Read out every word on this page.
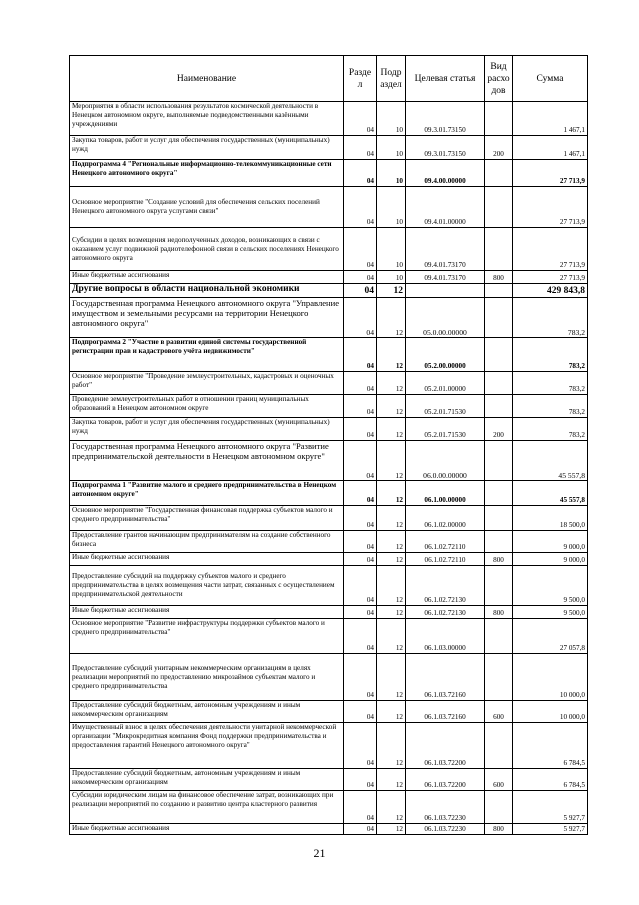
Наименование	Разде л	Подр аздел	Целевая статья	Вид расхо дов	Сумма
Мероприятия в области использования результатов космической деятельности в Ненецком автономном округе, выполняемые подведомственными казёнными учреждениями	04	10	09.3.01.73150		1 467,1
Закупка товаров, работ и услуг для обеспечения государственных (муниципальных) нужд	04	10	09.3.01.73150	200	1 467,1
Подпрограмма 4 "Региональные информационно-телекоммуникационные сети Ненецкого автономного округа"	04	10	09.4.00.00000		27 713,9
Основное мероприятие "Создание условий для обеспечения сельских поселений Ненецкого автономного округа услугами связи"	04	10	09.4.01.00000		27 713,9
Субсидии в целях возмещения недополученных доходов, возникающих в связи с оказанием услуг подвижной радиотелефонной связи в сельских поселениях Ненецкого автономного округа	04	10	09.4.01.73170		27 713,9
Иные бюджетные ассигнования	04	10	09.4.01.73170	800	27 713,9
Другие вопросы в области национальной экономики	04	12			429 843,8
Государственная программа Ненецкого автономного округа "Управление имуществом и земельными ресурсами на территории Ненецкого автономного округа"	04	12	05.0.00.00000		783,2
Подпрограмма 2 "Участие в развитии единой системы государственной регистрации прав и кадастрового учёта недвижимости"	04	12	05.2.00.00000		783,2
Основное мероприятие "Проведение землеустроительных, кадастровых и оценочных работ"	04	12	05.2.01.00000		783,2
Проведение землеустроительных работ в отношении границ муниципальных образований в Ненецком автономном округе	04	12	05.2.01.71530		783,2
Закупка товаров, работ и услуг для обеспечения государственных (муниципальных) нужд	04	12	05.2.01.71530	200	783,2
Государственная программа Ненецкого автономного округа "Развитие предпринимательской деятельности в Ненецком автономном округе"	04	12	06.0.00.00000		45 557,8
Подпрограмма 1 "Развитие малого и среднего предпринимательства в Ненецком автономном округе"	04	12	06.1.00.00000		45 557,8
Основное мероприятие "Государственная финансовая поддержка субъектов малого и среднего предпринимательства"	04	12	06.1.02.00000		18 500,0
Предоставление грантов начинающим предпринимателям на создание собственного бизнеса	04	12	06.1.02.72110		9 000,0
Иные бюджетные ассигнования	04	12	06.1.02.72110	800	9 000,0
Предоставление субсидий на поддержку субъектов малого и среднего предпринимательства в целях возмещения части затрат, связанных с осуществлением предпринимательской деятельности	04	12	06.1.02.72130		9 500,0
Иные бюджетные ассигнования	04	12	06.1.02.72130	800	9 500,0
Основное мероприятие "Развитие инфраструктуры поддержки субъектов малого и среднего предпринимательства"	04	12	06.1.03.00000		27 057,8
Предоставление субсидий унитарным некоммерческим организациям в целях реализации мероприятий по предоставлению микрозаймов субъектам малого и среднего предпринимательства	04	12	06.1.03.72160		10 000,0
Предоставление субсидий бюджетным, автономным учреждениям и иным некоммерческим организациям	04	12	06.1.03.72160	600	10 000,0
Имущественный взнос в целях обеспечения деятельности унитарной некоммерческой организации "Микрокредитная компания Фонд поддержки предпринимательства и предоставления гарантий Ненецкого автономного округа"	04	12	06.1.03.72200		6 784,5
Предоставление субсидий бюджетным, автономным учреждениям и иным некоммерческим организациям	04	12	06.1.03.72200	600	6 784,5
Субсидии юридическим лицам на финансовое обеспечение затрат, возникающих при реализации мероприятий по созданию и развитию центра кластерного развития	04	12	06.1.03.72230		5 927,7
Иные бюджетные ассигнования	04	12	06.1.03.72230	800	5 927,7
21
